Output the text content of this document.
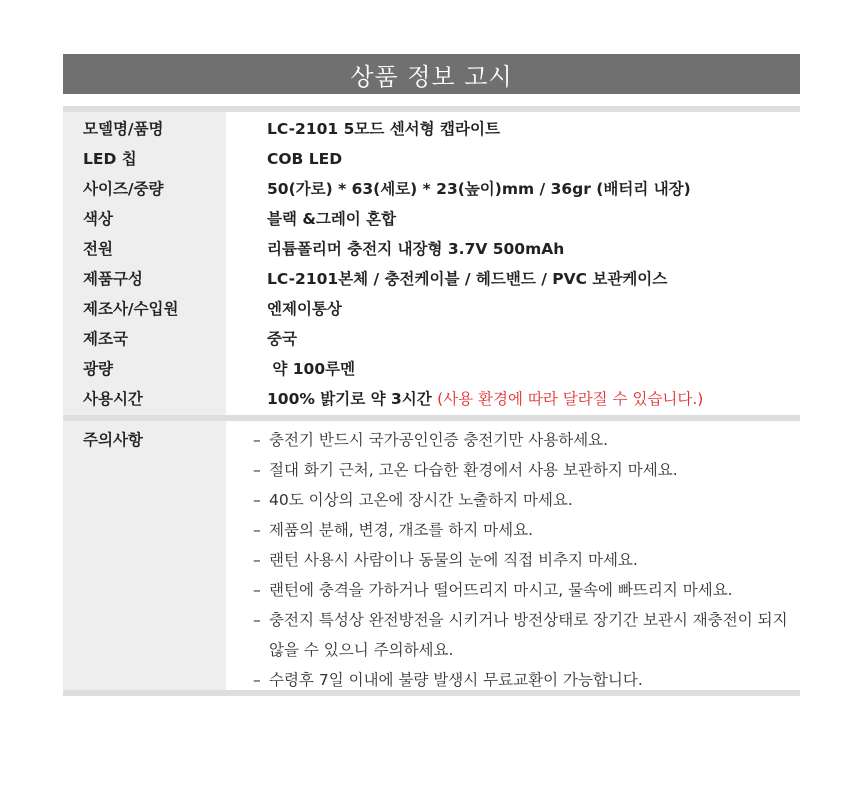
상품 정보 고시
모델명/품명	LC-2101 5모드 센서형 캡라이트
LED 칩	COB LED
사이즈/중량	50(가로) * 63(세로) * 23(높이)mm / 36gr (배터리 내장)
색상	블랙 &그레이 혼합
전원	리튬폴리머 충전지 내장형 3.7V 500mAh
제품구성	LC-2101본체 / 충전케이블 / 헤드밴드 / PVC 보관케이스
제조사/수입원	엔제이통상
제조국	중국
광량	약 100루멘
사용시간	100% 밝기로 약 3시간 (사용 환경에 따라 달라질 수 있습니다.)
주의사항	– 충전기 반드시 국가공인인증 충전기만 사용하세요.
– 절대 화기 근처, 고온 다습한 환경에서 사용 보관하지 마세요.
– 40도 이상의 고온에 장시간 노출하지 마세요.
– 제품의 분해, 변경, 개조를 하지 마세요.
– 랜턴 사용시 사람이나 동물의 눈에 직접 비추지 마세요.
– 랜턴에 충격을 가하거나 떨어뜨리지 마시고, 물속에 빠뜨리지 마세요.
– 충전지 특성상 완전방전을 시키거나 방전상태로 장기간 보관시 재충전이 되지 않을 수 있으니 주의하세요.
– 수령후 7일 이내에 불량 발생시 무료교환이 가능합니다.
